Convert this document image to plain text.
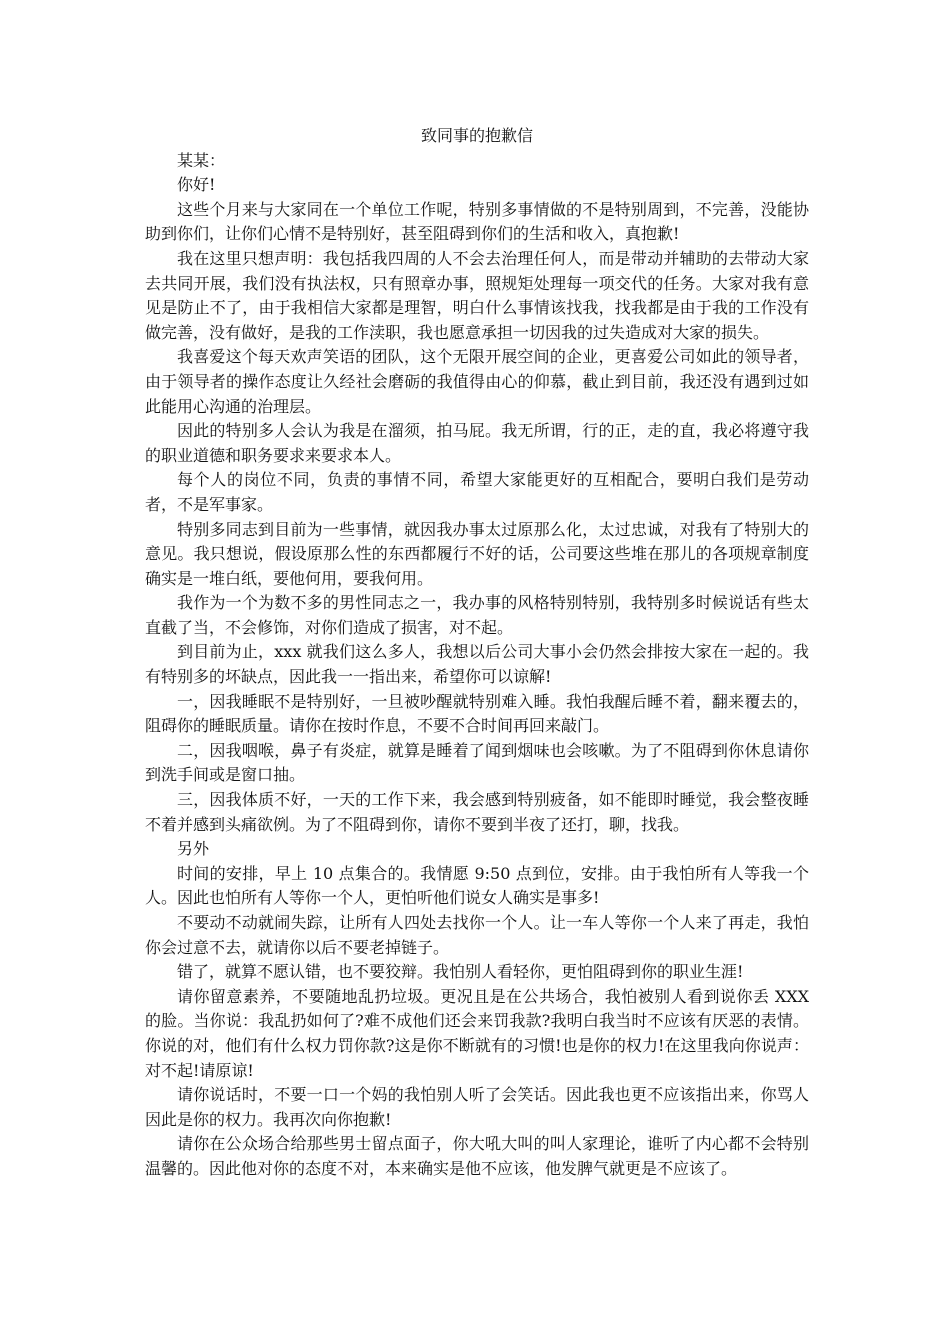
致同事的抱歉信

某某：

你好!

这些个月来与大家同在一个单位工作呢，特别多事情做的不是特别周到，不完善，没能协助到你们，让你们心情不是特别好，甚至阻碍到你们的生活和收入，真抱歉!

我在这里只想声明：我包括我四周的人不会去治理任何人，而是带动并辅助的去带动大家去共同开展，我们没有执法权，只有照章办事，照规矩处理每一项交代的任务。大家对我有意见是防止不了，由于我相信大家都是理智，明白什么事情该找我，找我都是由于我的工作没有做完善，没有做好，是我的工作渎职，我也愿意承担一切因我的过失造成对大家的损失。

我喜爱这个每天欢声笑语的团队，这个无限开展空间的企业，更喜爱公司如此的领导者，由于领导者的操作态度让久经社会磨砺的我值得由心的仰慕，截止到目前，我还没有遇到过如此能用心沟通的治理层。

因此的特别多人会认为我是在溜须，拍马屁。我无所谓，行的正，走的直，我必将遵守我的职业道德和职务要求来要求本人。

每个人的岗位不同，负责的事情不同，希望大家能更好的互相配合，要明白我们是劳动者，不是军事家。

特别多同志到目前为一些事情，就因我办事太过原那么化，太过忠诚，对我有了特别大的意见。我只想说，假设原那么性的东西都履行不好的话，公司要这些堆在那儿的各项规章制度确实是一堆白纸，要他何用，要我何用。

我作为一个为数不多的男性同志之一，我办事的风格特别特别，我特别多时候说话有些太直截了当，不会修饰，对你们造成了损害，对不起。

到目前为止，xxx 就我们这么多人，我想以后公司大事小会仍然会排按大家在一起的。我有特别多的坏缺点，因此我一一指出来，希望你可以谅解!

一，因我睡眠不是特别好，一旦被吵醒就特别难入睡。我怕我醒后睡不着，翻来覆去的，阻碍你的睡眠质量。请你在按时作息，不要不合时间再回来敲门。

二，因我咽喉，鼻子有炎症，就算是睡着了闻到烟味也会咳嗽。为了不阻碍到你休息请你到洗手间或是窗口抽。

三，因我体质不好，一天的工作下来，我会感到特别疲备，如不能即时睡觉，我会整夜睡不着并感到头痛欲例。为了不阻碍到你，请你不要到半夜了还打，聊，找我。

另外

时间的安排，早上 10 点集合的。我情愿 9:50 点到位，安排。由于我怕所有人等我一个人。因此也怕所有人等你一个人，更怕听他们说女人确实是事多!

不要动不动就闹失踪，让所有人四处去找你一个人。让一车人等你一个人来了再走，我怕你会过意不去，就请你以后不要老掉链子。

错了，就算不愿认错，也不要狡辩。我怕别人看轻你，更怕阻碍到你的职业生涯!

请你留意素养，不要随地乱扔垃圾。更况且是在公共场合，我怕被别人看到说你丢 XXX 的脸。当你说：我乱扔如何了?难不成他们还会来罚我款?我明白我当时不应该有厌恶的表情。你说的对，他们有什么权力罚你款?这是你不断就有的习惯!也是你的权力!在这里我向你说声：对不起!请原谅!

请你说话时，不要一口一个妈的我怕别人听了会笑话。因此我也更不应该指出来，你骂人因此是你的权力。我再次向你抱歉!

请你在公众场合给那些男士留点面子，你大吼大叫的叫人家理论，谁听了内心都不会特别温馨的。因此他对你的态度不对，本来确实是他不应该，他发脾气就更是不应该了。
